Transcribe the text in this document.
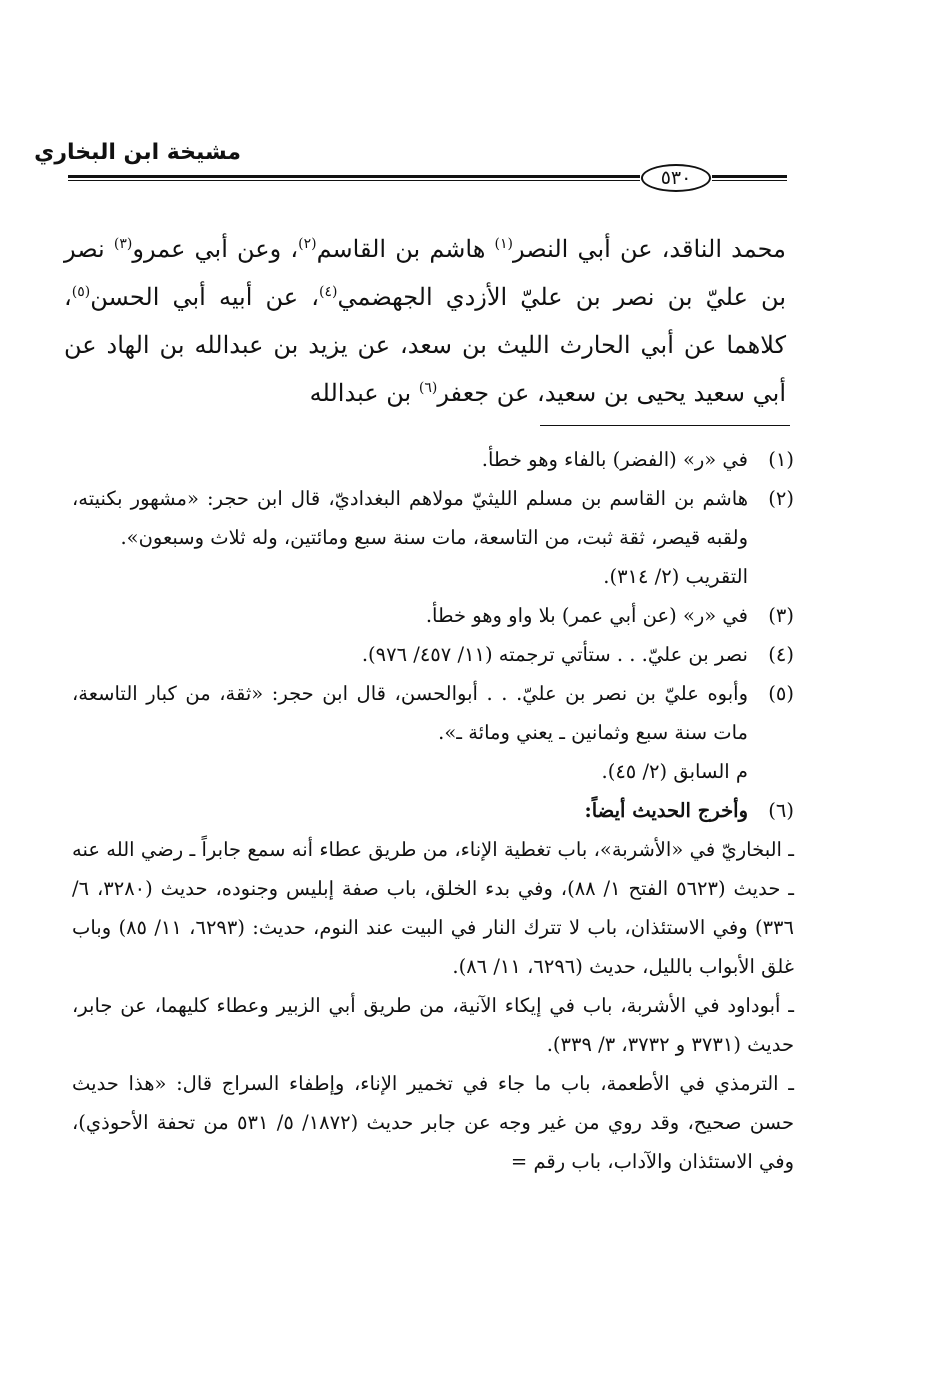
مشيخة ابن البخاري
٥٣٠

محمد الناقد، عن أبي النصر$^{(١)}$ هاشم بن القاسم$^{(٢)}$، وعن أبي عمرو$^{(٣)}$ نصر بن عليّ بن نصر بن عليّ الأزدي الجهضمي$^{(٤)}$، عن أبيه أبي الحسن$^{(٥)}$، كلاهما عن أبي الحارث الليث بن سعد، عن يزيد بن عبدالله بن الهاد عن أبي سعيد يحيى بن سعيد، عن جعفر$^{(٦)}$ بن عبدالله

(١)

في «ر» (الفضر) بالفاء وهو خطأ.

(٢)

هاشم بن القاسم بن مسلم الليثيّ مولاهم البغداديّ، قال ابن حجر: «مشهور بكنيته، ولقبه قيصر، ثقة ثبت، من التاسعة، مات سنة سبع ومائتين، وله ثلاث وسبعون».

التقريب (٢/ ٣١٤).

(٣)

في «ر» (عن أبي عمر) بلا واو وهو خطأ.

(٤)

نصر بن عليّ. . . ستأتي ترجمته (١١/ ٤٥٧/ ٩٧٦).

(٥)

وأبوه عليّ بن نصر بن عليّ. . . أبوالحسن، قال ابن حجر: «ثقة، من كبار التاسعة، مات سنة سبع وثمانين ـ يعني ومائة ـ».

م السابق (٢/ ٤٥).

(٦)

وأخرج الحديث أيضاً:

ـ البخاريّ في «الأشربة»، باب تغطية الإناء، من طريق عطاء أنه سمع جابراً ـ رضي الله عنه ـ حديث (٥٦٢٣ الفتح ١/ ٨٨)، وفي بدء الخلق، باب صفة إبليس وجنوده، حديث (٣٢٨٠، ٦/ ٣٣٦) وفي الاستئذان، باب لا تترك النار في البيت عند النوم، حديث: (٦٢٩٣، ١١/ ٨٥) وباب غلق الأبواب بالليل، حديث (٦٢٩٦، ١١/ ٨٦).

ـ أبوداود في الأشربة، باب في إيكاء الآنية، من طريق أبي الزبير وعطاء كليهما، عن جابر، حديث (٣٧٣١ و ٣٧٣٢، ٣/ ٣٣٩).

ـ الترمذي في الأطعمة، باب ما جاء في تخمير الإناء، وإطفاء السراج قال: «هذا حديث حسن صحيح، وقد روي من غير وجه عن جابر حديث (١٨٧٢/ ٥/ ٥٣١ من تحفة الأحوذي)، وفي الاستئذان والآداب، باب رقم =
